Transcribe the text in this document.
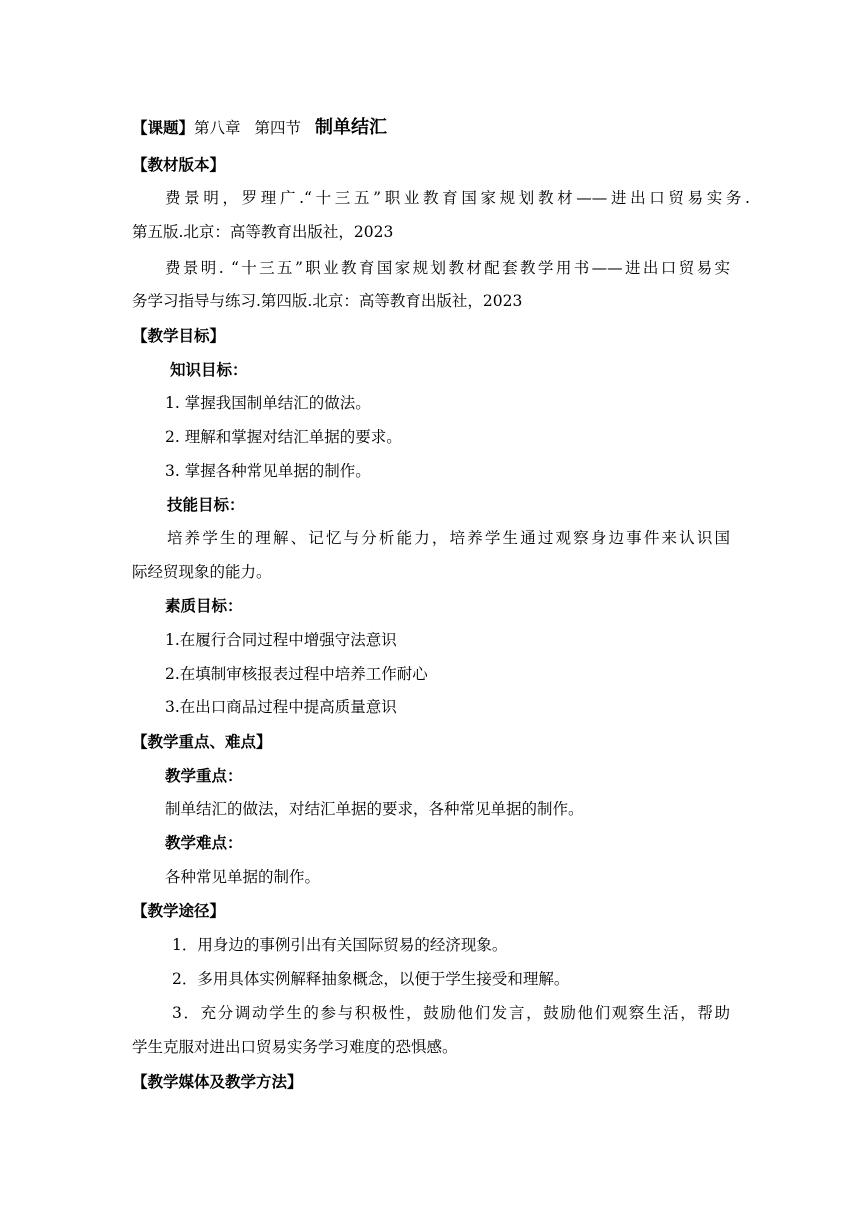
【课题】第八章 第四节 制单结汇
【教材版本】
费景明，罗理广.“十三五”职业教育国家规划教材——进出口贸易实务.
第五版.北京：高等教育出版社，2023
费景明. “十三五”职业教育国家规划教材配套教学用书——进出口贸易实
务学习指导与练习.第四版.北京：高等教育出版社，2023
【教学目标】
知识目标：
1. 掌握我国制单结汇的做法。
2. 理解和掌握对结汇单据的要求。
3. 掌握各种常见单据的制作。
技能目标：
培养学生的理解、记忆与分析能力，培养学生通过观察身边事件来认识国
际经贸现象的能力。
素质目标：
1.在履行合同过程中增强守法意识
2.在填制审核报表过程中培养工作耐心
3.在出口商品过程中提高质量意识
【教学重点、难点】
教学重点：
制单结汇的做法，对结汇单据的要求，各种常见单据的制作。
教学难点：
各种常见单据的制作。
【教学途径】
1．用身边的事例引出有关国际贸易的经济现象。
2．多用具体实例解释抽象概念，以便于学生接受和理解。
3．充分调动学生的参与积极性，鼓励他们发言，鼓励他们观察生活，帮助
学生克服对进出口贸易实务学习难度的恐惧感。
【教学媒体及教学方法】
